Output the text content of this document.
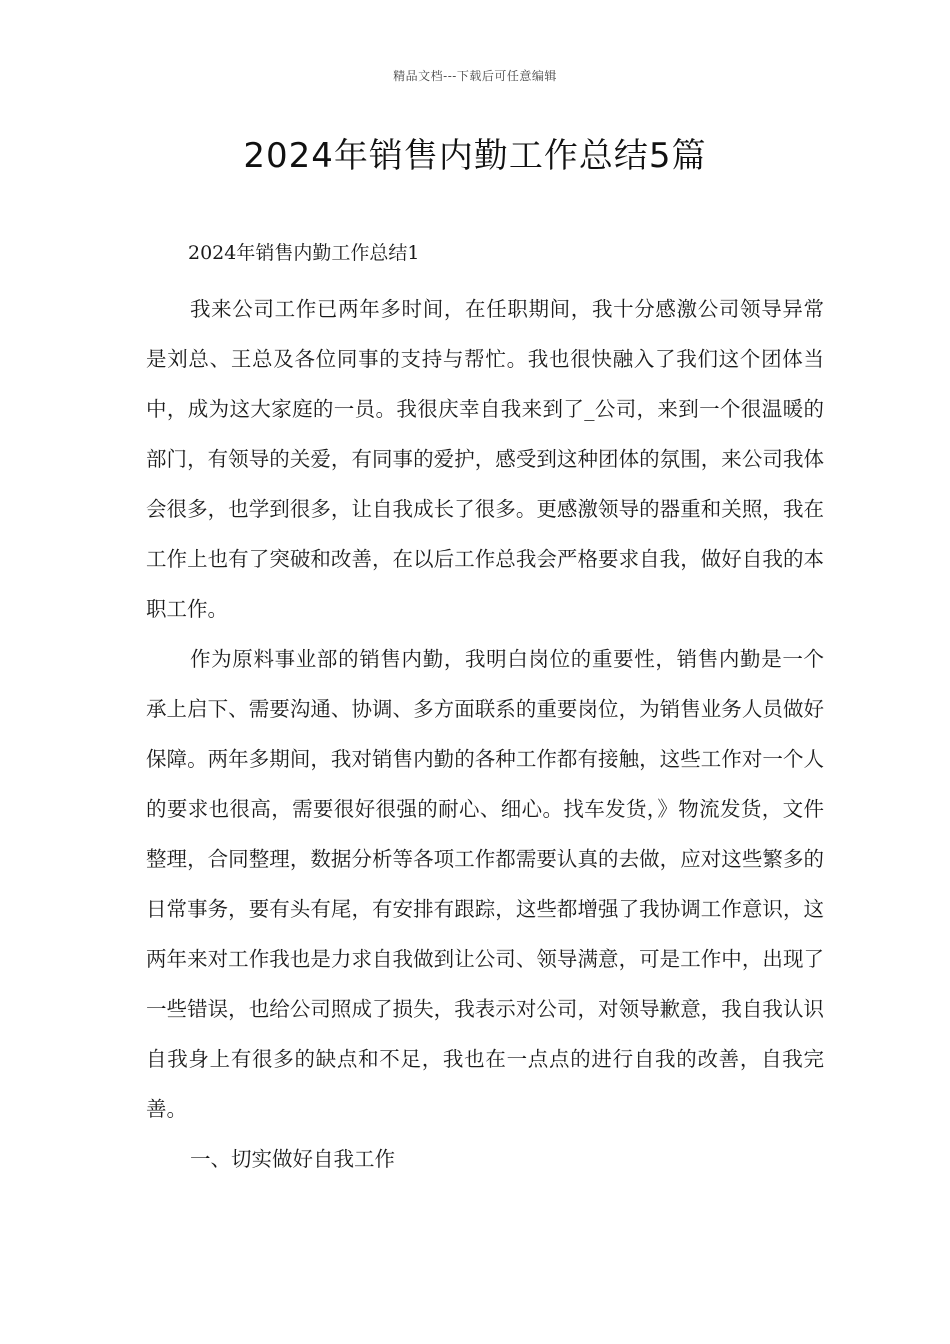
精品文档---下载后可任意编辑
2024年销售内勤工作总结5篇
2024年销售内勤工作总结1

我来公司工作已两年多时间，在任职期间，我十分感激公司领导异常是刘总、王总及各位同事的支持与帮忙。我也很快融入了我们这个团体当中，成为这大家庭的一员。我很庆幸自我来到了_公司，来到一个很温暖的部门，有领导的关爱，有同事的爱护，感受到这种团体的氛围，来公司我体会很多，也学到很多，让自我成长了很多。更感激领导的器重和关照，我在工作上也有了突破和改善，在以后工作总我会严格要求自我，做好自我的本职工作。

作为原料事业部的销售内勤，我明白岗位的重要性，销售内勤是一个承上启下、需要沟通、协调、多方面联系的重要岗位，为销售业务人员做好保障。两年多期间，我对销售内勤的各种工作都有接触，这些工作对一个人的要求也很高，需要很好很强的耐心、细心。找车发货，》物流发货，文件整理，合同整理，数据分析等各项工作都需要认真的去做，应对这些繁多的日常事务，要有头有尾，有安排有跟踪，这些都增强了我协调工作意识，这两年来对工作我也是力求自我做到让公司、领导满意，可是工作中，出现了一些错误，也给公司照成了损失，我表示对公司，对领导歉意，我自我认识自我身上有很多的缺点和不足，我也在一点点的进行自我的改善，自我完善。

一、切实做好自我工作
